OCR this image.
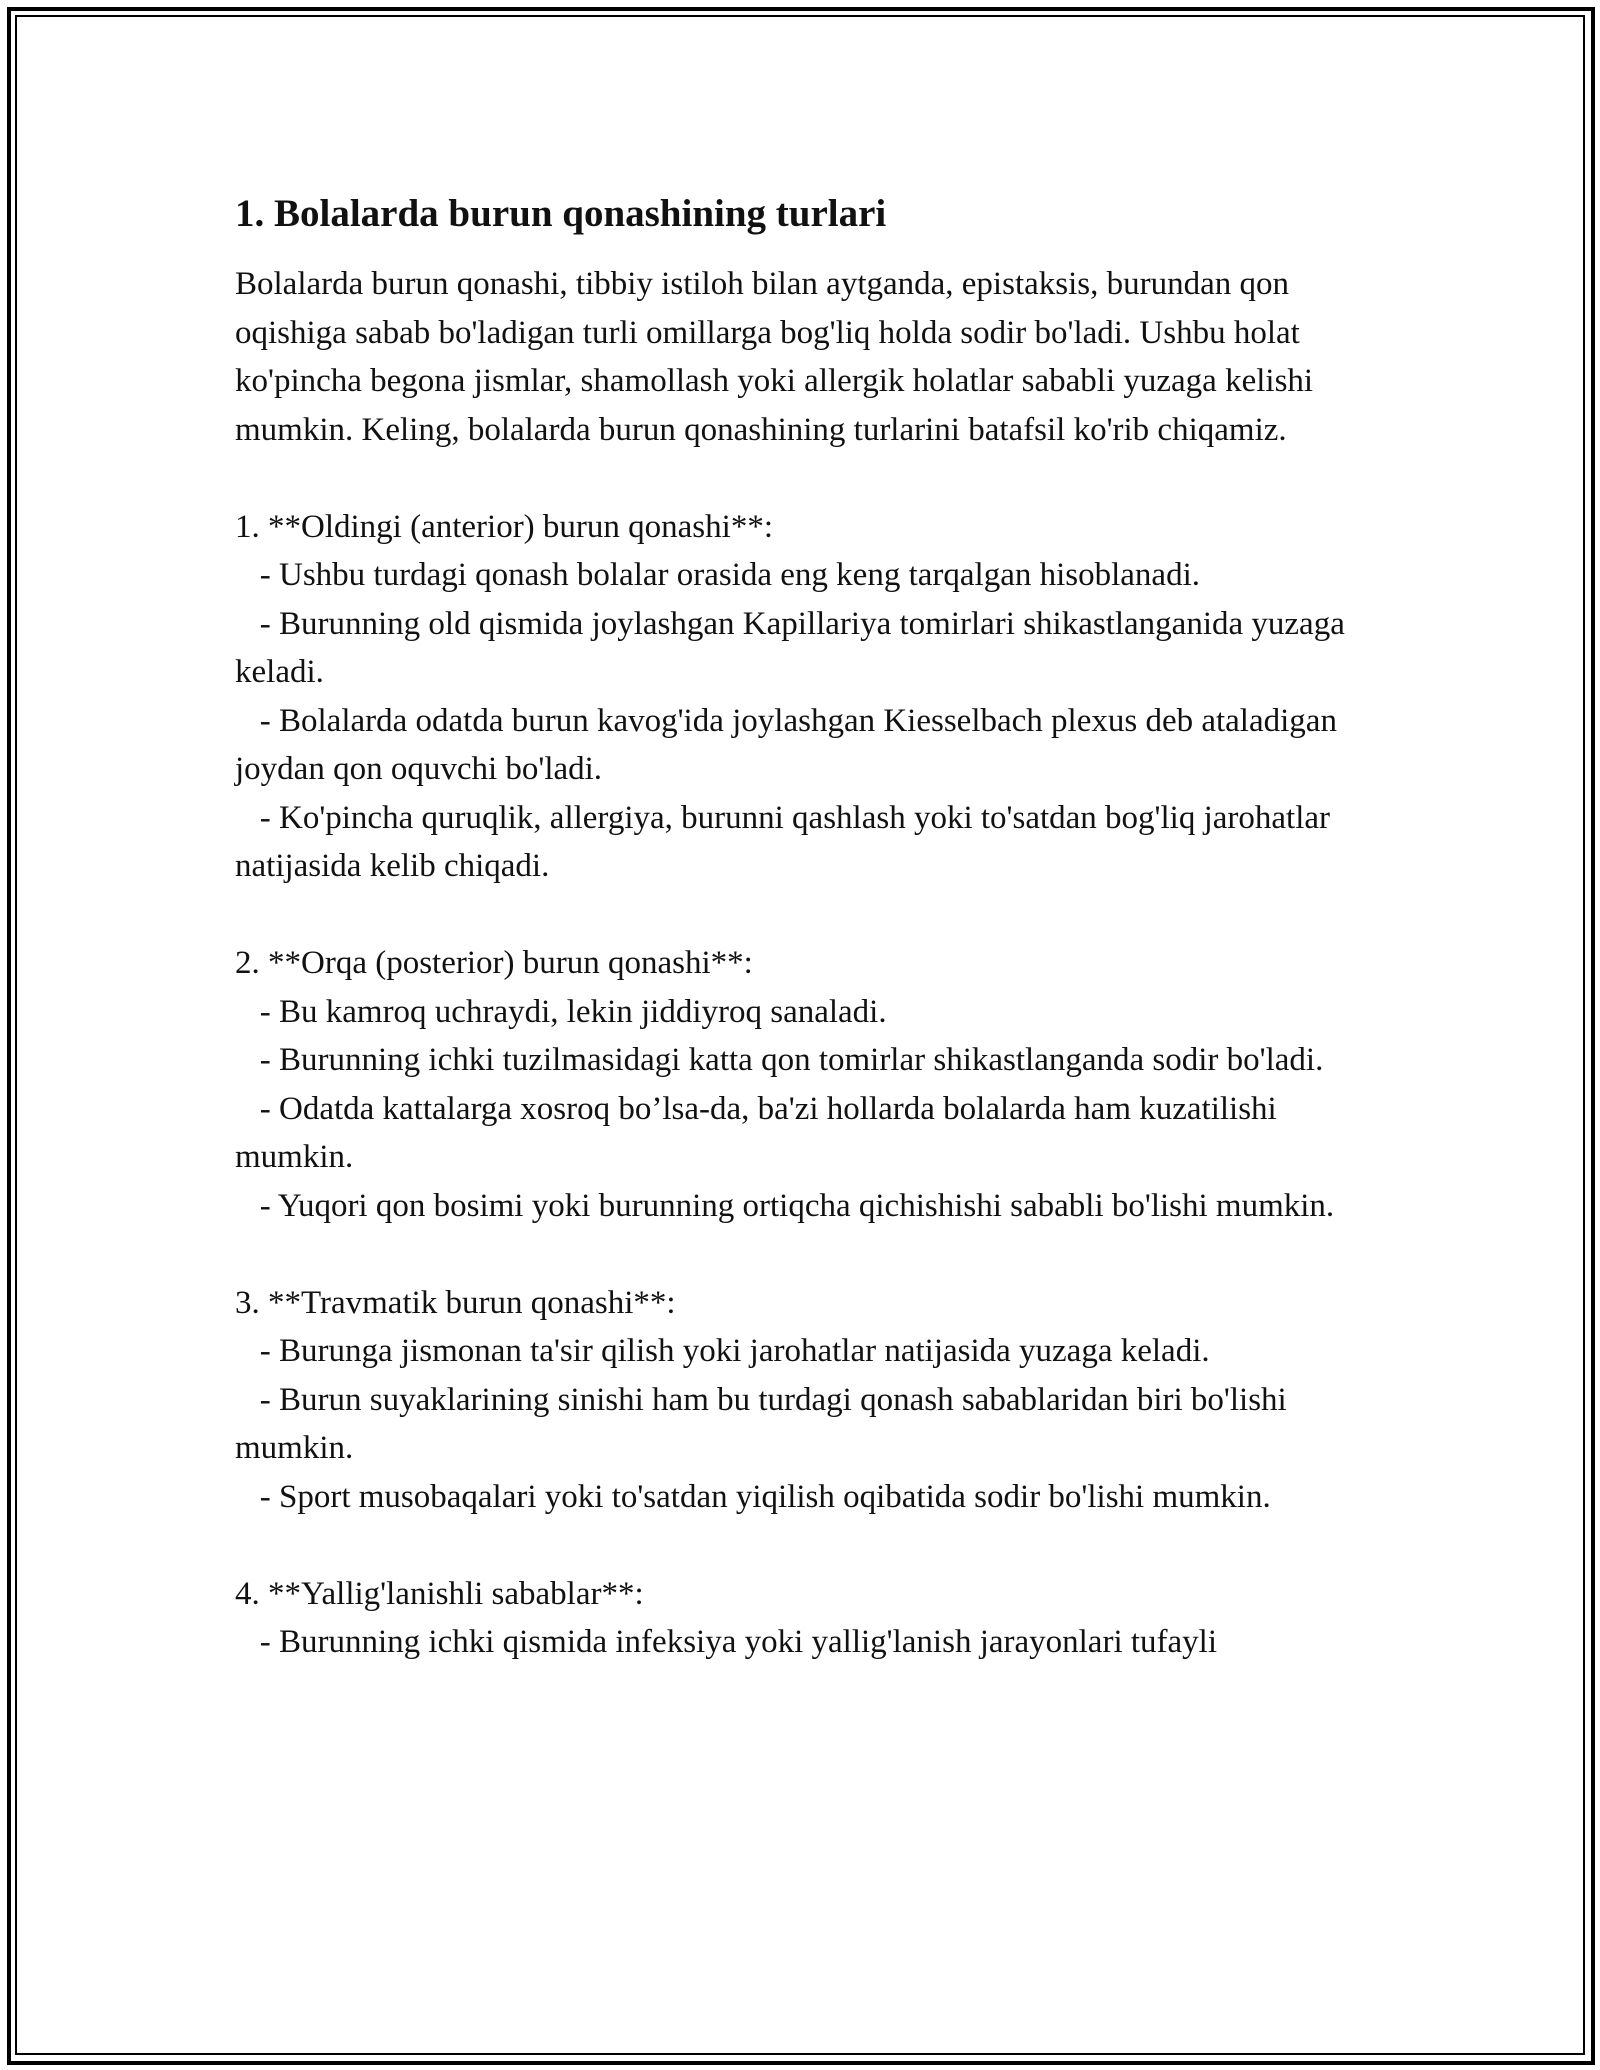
1. Bolalarda burun qonashining turlari

Bolalarda burun qonashi, tibbiy istiloh bilan aytganda, epistaksis, burundan qon oqishiga sabab bo'ladigan turli omillarga bog'liq holda sodir bo'ladi. Ushbu holat ko'pincha begona jismlar, shamollash yoki allergik holatlar sababli yuzaga kelishi mumkin. Keling, bolalarda burun qonashining turlarini batafsil ko'rib chiqamiz.

1. **Oldingi (anterior) burun qonashi**:

- Ushbu turdagi qonash bolalar orasida eng keng tarqalgan hisoblanadi.

- Burunning old qismida joylashgan Kapillariya tomirlari shikastlanganida yuzaga keladi.

- Bolalarda odatda burun kavog'ida joylashgan Kiesselbach plexus deb ataladigan joydan qon oquvchi bo'ladi.

- Ko'pincha quruqlik, allergiya, burunni qashlash yoki to'satdan bog'liq jarohatlar natijasida kelib chiqadi.

2. **Orqa (posterior) burun qonashi**:

- Bu kamroq uchraydi, lekin jiddiyroq sanaladi.

- Burunning ichki tuzilmasidagi katta qon tomirlar shikastlanganda sodir bo'ladi.

- Odatda kattalarga xosroq bo’lsa-da, ba'zi hollarda bolalarda ham kuzatilishi mumkin.

- Yuqori qon bosimi yoki burunning ortiqcha qichishishi sababli bo'lishi mumkin.

3. **Travmatik burun qonashi**:

- Burunga jismonan ta'sir qilish yoki jarohatlar natijasida yuzaga keladi.

- Burun suyaklarining sinishi ham bu turdagi qonash sabablaridan biri bo'lishi mumkin.

- Sport musobaqalari yoki to'satdan yiqilish oqibatida sodir bo'lishi mumkin.

4. **Yallig'lanishli sabablar**:

- Burunning ichki qismida infeksiya yoki yallig'lanish jarayonlari tufayli
